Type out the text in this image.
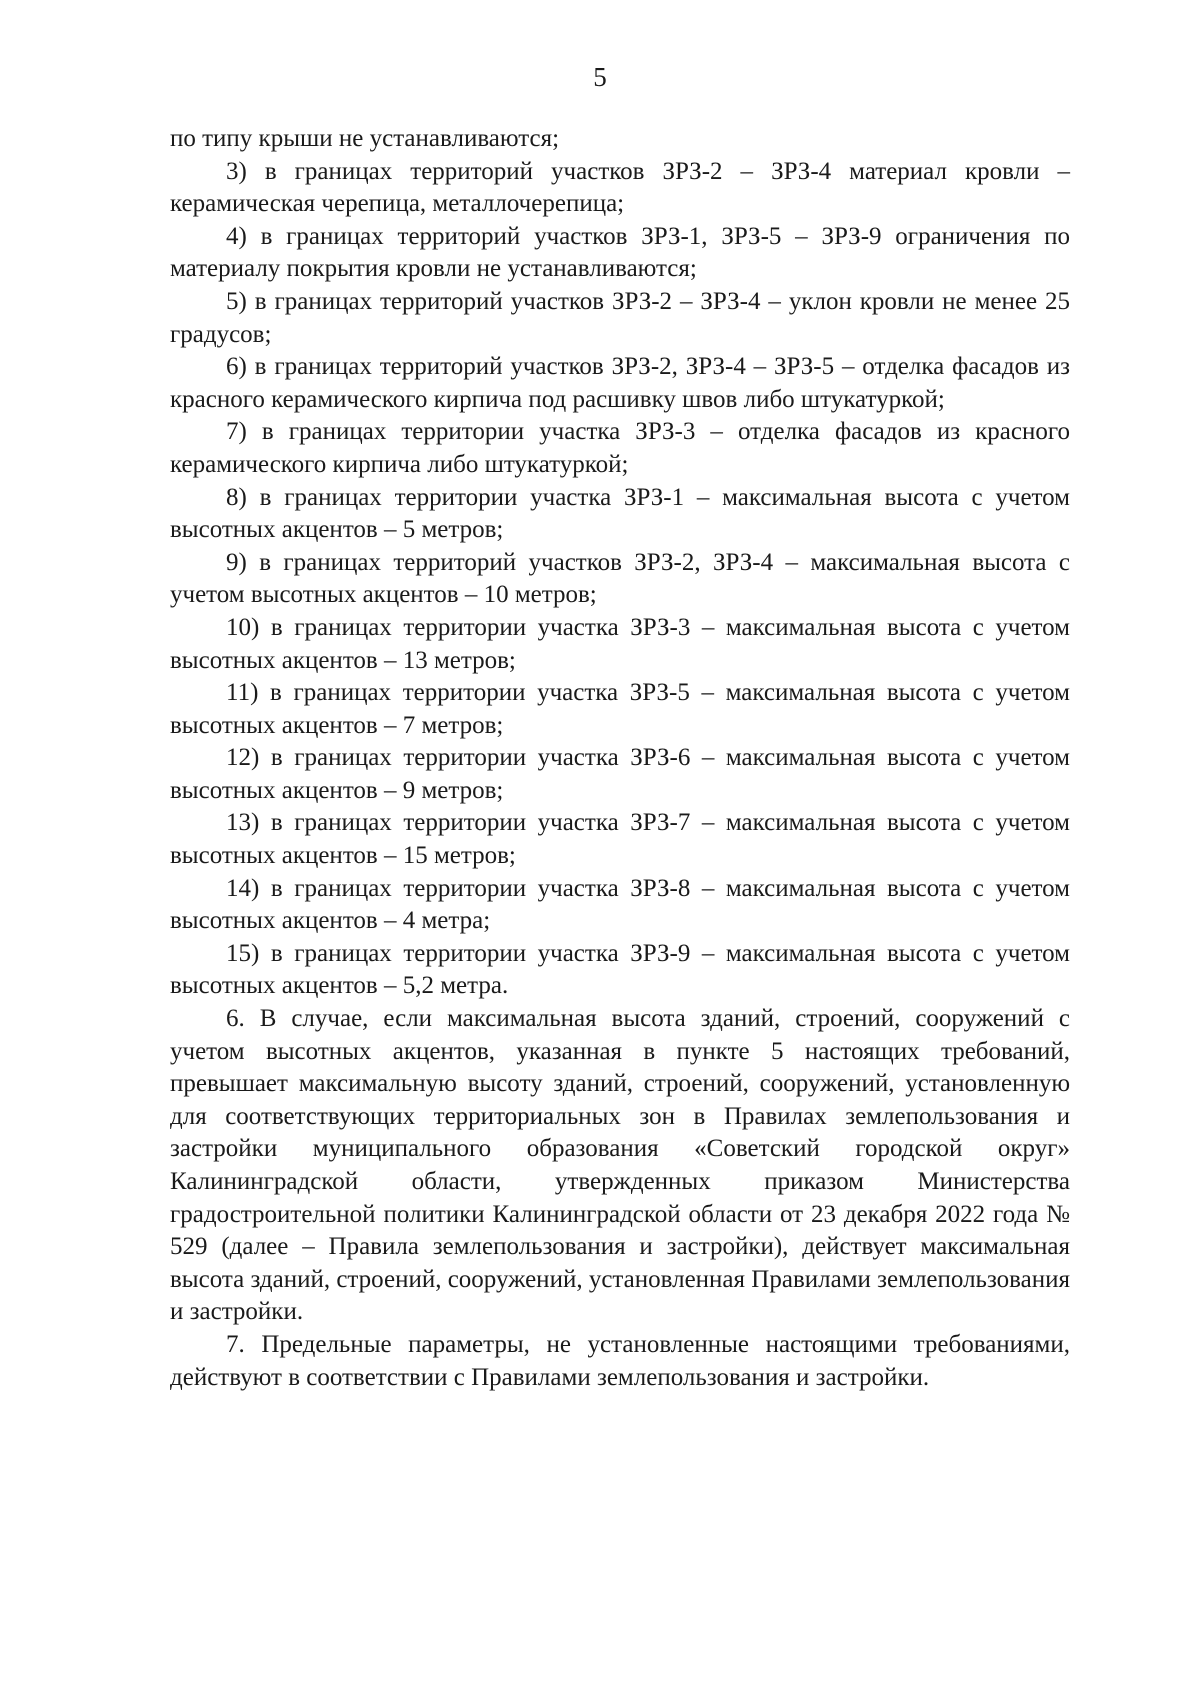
5

по типу крыши не устанавливаются;

3) в границах территорий участков ЗРЗ-2 – ЗРЗ-4 материал кровли – керамическая черепица, металлочерепица;

4) в границах территорий участков ЗРЗ-1, ЗРЗ-5 – ЗРЗ-9 ограничения по материалу покрытия кровли не устанавливаются;

5) в границах территорий участков ЗРЗ-2 – ЗРЗ-4 – уклон кровли не менее 25 градусов;

6) в границах территорий участков ЗРЗ-2, ЗРЗ-4 – ЗРЗ-5 – отделка фасадов из красного керамического кирпича под расшивку швов либо штукатуркой;

7) в границах территории участка ЗРЗ-3 – отделка фасадов из красного керамического кирпича либо штукатуркой;

8) в границах территории участка ЗРЗ-1 – максимальная высота с учетом высотных акцентов – 5 метров;

9) в границах территорий участков ЗРЗ-2, ЗРЗ-4 – максимальная высота с учетом высотных акцентов – 10 метров;

10) в границах территории участка ЗРЗ-3 – максимальная высота с учетом высотных акцентов – 13 метров;

11) в границах территории участка ЗРЗ-5 – максимальная высота с учетом высотных акцентов – 7 метров;

12) в границах территории участка ЗРЗ-6 – максимальная высота с учетом высотных акцентов – 9 метров;

13) в границах территории участка ЗРЗ-7 – максимальная высота с учетом высотных акцентов – 15 метров;

14) в границах территории участка ЗРЗ-8 – максимальная высота с учетом высотных акцентов – 4 метра;

15) в границах территории участка ЗРЗ-9 – максимальная высота с учетом высотных акцентов – 5,2 метра.

6. В случае, если максимальная высота зданий, строений, сооружений с учетом высотных акцентов, указанная в пункте 5 настоящих требований, превышает максимальную высоту зданий, строений, сооружений, установленную для соответствующих территориальных зон в Правилах землепользования и застройки муниципального образования «Советский городской округ» Калининградской области, утвержденных приказом Министерства градостроительной политики Калининградской области от 23 декабря 2022 года № 529 (далее – Правила землепользования и застройки), действует максимальная высота зданий, строений, сооружений, установленная Правилами землепользования и застройки.

7. Предельные параметры, не установленные настоящими требованиями, действуют в соответствии с Правилами землепользования и застройки.
